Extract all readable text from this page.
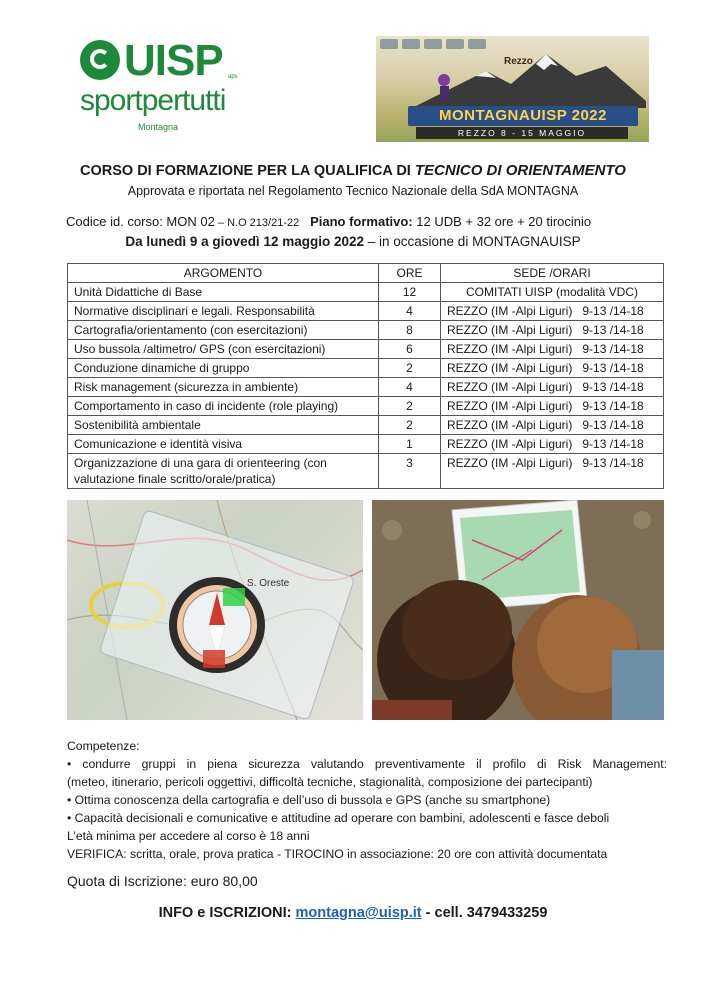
UISP aps
sportpertutti
Montagna
Rezzo
MONTAGNAUISP 2022
REZZO 8 - 15 MAGGIO
CORSO DI FORMAZIONE PER LA QUALIFICA DI TECNICO DI ORIENTAMENTO
Approvata e riportata nel Regolamento Tecnico Nazionale della SdA MONTAGNA
Codice id. corso: MON 02 – N.O 213/21-22 Piano formativo: 12 UDB + 32 ore + 20 tirocinio
Da lunedì 9 a giovedì 12 maggio 2022 – in occasione di MONTAGNAUISP
ARGOMENTO	ORE	SEDE /ORARI
Unità Didattiche di Base	12	COMITATI UISP (modalità VDC)
Normative disciplinari e legali. Responsabilità	4	REZZO (IM -Alpi Liguri)   9-13 /14-18
Cartografia/orientamento (con esercitazioni)	8	REZZO (IM -Alpi Liguri)   9-13 /14-18
Uso bussola /altimetro/ GPS (con esercitazioni)	6	REZZO (IM -Alpi Liguri)   9-13 /14-18
Conduzione dinamiche di gruppo	2	REZZO (IM -Alpi Liguri)   9-13 /14-18
Risk management (sicurezza in ambiente)	4	REZZO (IM -Alpi Liguri)   9-13 /14-18
Comportamento in caso di incidente (role playing)	2	REZZO (IM -Alpi Liguri)   9-13 /14-18
Sostenibilità ambientale	2	REZZO (IM -Alpi Liguri)   9-13 /14-18
Comunicazione e identità visiva	1	REZZO (IM -Alpi Liguri)   9-13 /14-18
Organizzazione di una gara di orienteering (con valutazione finale scritto/orale/pratica)	3	REZZO (IM -Alpi Liguri)   9-13 /14-18
S. Oreste
Competenze:
• condurre gruppi in piena sicurezza valutando preventivamente il profilo di Risk Management:
(meteo, itinerario, pericoli oggettivi, difficoltà tecniche, stagionalità, composizione dei partecipanti)
• Ottima conoscenza della cartografia e dell’uso di bussola e GPS (anche su smartphone)
• Capacità decisionali e comunicative e attitudine ad operare con bambini, adolescenti e fasce deboli
L’età minima per accedere al corso è 18 anni
VERIFICA: scritta, orale, prova pratica - TIROCINO in associazione: 20 ore con attività documentata
Quota di Iscrizione: euro 80,00
INFO e ISCRIZIONI: montagna@uisp.it - cell. 3479433259
